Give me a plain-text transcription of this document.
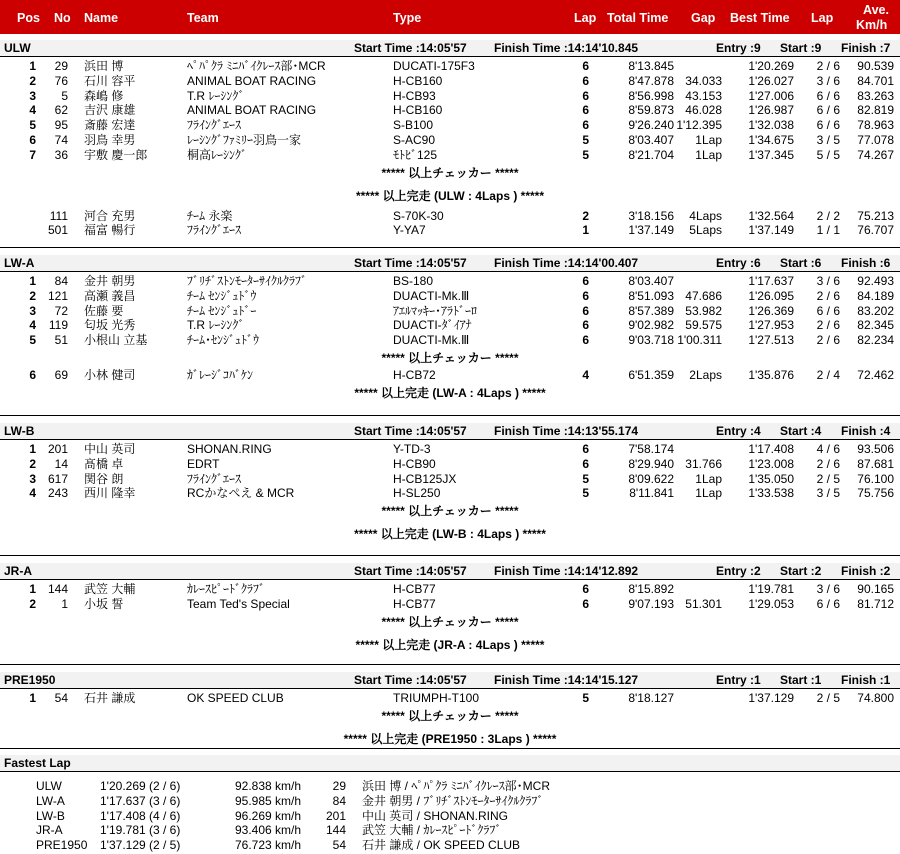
Pos No Name	Team	Type	Lap Total Time Gap Best Time Lap
Ave.
Km/h
ULW	Start Time :14:05'57 Finish Time :14:14'10.845	Entry :9 Start :9 Finish :7
1	29 浜田 博	ﾍﾟﾊﾟｸﾗ ﾐﾆﾊﾞｲｸﾚｰｽ部･MCR	DUCATI-175F3	6	8'13.845	1'20.269	2 / 6	90.539
2	76 石川 容平	ANIMAL BOAT RACING	H-CB160	6	8'47.878 34.033	1'26.027	3 / 6	84.701
3	5 森嶋 修	T.R ﾚｰｼﾝｸﾞ	H-CB93	6	8'56.998 43.153	1'27.006	6 / 6	83.263
4	62 吉沢 康雄	ANIMAL BOAT RACING	H-CB160	6	8'59.873 46.028	1'26.987	6 / 6	82.819
5	95 斎藤 宏達	ﾌﾗｲﾝｸﾞｴｰｽ	S-B100	6	9'26.240 1'12.395	1'32.038	6 / 6	78.963
6	74 羽鳥 幸男	ﾚｰｼﾝｸﾞﾌｧﾐﾘｰ羽鳥一家	S-AC90	5	8'03.407	1Lap	1'34.675	3 / 5	77.078
7	36 宇敷 慶一郎	桐高ﾚｰｼﾝｸﾞ	ﾓﾄﾋﾞ125	5	8'21.704	1Lap	1'37.345	5 / 5	74.267
***** 以上チェッカー *****
***** 以上完走 (ULW : 4Laps ) *****
111 河合 充男	ﾁｰﾑ 永楽	S-70K-30	2	3'18.156	4Laps	1'32.564	2 / 2	75.213
501 福富 暢行	ﾌﾗｲﾝｸﾞｴｰｽ	Y-YA7	1	1'37.149	5Laps	1'37.149	1 / 1	76.707
LW-A	Start Time :14:05'57 Finish Time :14:14'00.407	Entry :6 Start :6 Finish :6
1	84 金井 朝男	ﾌﾞﾘﾁﾞｽﾄﾝﾓｰﾀｰｻｲｸﾙｸﾗﾌﾞ	BS-180	6	8'03.407	1'17.637	3 / 6	92.493
2 121 高瀬 義昌	ﾁｰﾑ ｾﾝｼﾞｭﾄﾞｳ	DUACTI-Mk.Ⅲ	6	8'51.093 47.686	1'26.095	2 / 6	84.189
3	72 佐藤 要	ﾁｰﾑ ｾﾝｼﾞｭﾄﾞｰ	ｱｴﾙﾏｯｷｰ･ｱﾗﾄﾞｰﾛ	6	8'57.389 53.982	1'26.369	6 / 6	83.202
4	119 匂坂 光秀	T.R ﾚｰｼﾝｸﾞ	DUACTI-ﾀﾞｲｱﾅ	6	9'02.982 59.575	1'27.953	2 / 6	82.345
5	51 小根山 立基	ﾁｰﾑ･ｾﾝｼﾞｭﾄﾞｳ	DUACTI-Mk.Ⅲ	6	9'03.718 1'00.311	1'27.513	2 / 6	82.234
***** 以上チェッカー *****
6	69 小林 健司	ｶﾞﾚｰｼﾞｺﾊﾞｹﾝ	H-CB72	4	6'51.359	2Laps	1'35.876	2 / 4	72.462
***** 以上完走 (LW-A : 4Laps ) *****
LW-B	Start Time :14:05'57 Finish Time :14:13'55.174	Entry :4 Start :4 Finish :4
1 201 中山 英司	SHONAN.RING	Y-TD-3	6	7'58.174	1'17.408	4 / 6	93.506
2	14 髙橋 卓	EDRT	H-CB90	6	8'29.940 31.766	1'23.008	2 / 6	87.681
3 617 関谷 朗	ﾌﾗｲﾝｸﾞｴｰｽ	H-CB125JX	5	8'09.622	1Lap	1'35.050	2 / 5	76.100
4 243 西川 隆幸	RCかなぺえ & MCR	H-SL250	5	8'11.841	1Lap	1'33.538	3 / 5	75.756
***** 以上チェッカー *****
***** 以上完走 (LW-B : 4Laps ) *****
JR-A	Start Time :14:05'57 Finish Time :14:14'12.892	Entry :2 Start :2 Finish :2
1 144 武笠 大輔	ｶﾚｰｽﾋﾟｰﾄﾞｸﾗﾌﾞ	H-CB77	6	8'15.892	1'19.781	3 / 6	90.165
2	1 小坂 誓	Team Ted's Special	H-CB77	6	9'07.193 51.301	1'29.053	6 / 6	81.712
***** 以上チェッカー *****
***** 以上完走 (JR-A : 4Laps ) *****
PRE1950	Start Time :14:05'57 Finish Time :14:14'15.127	Entry :1 Start :1 Finish :1
1	54 石井 謙成	OK SPEED CLUB	TRIUMPH-T100	5	8'18.127	1'37.129	2 / 5	74.800
***** 以上チェッカー *****
***** 以上完走 (PRE1950 : 3Laps ) *****
Fastest Lap
ULW	1'20.269 (2 / 6)	92.838 km/h	29 浜田 博 / ﾍﾟﾊﾟｸﾗ ﾐﾆﾊﾞｲｸﾚｰｽ部･MCR
LW-A	1'17.637 (3 / 6)	95.985 km/h	84 金井 朝男 / ﾌﾞﾘﾁﾞｽﾄﾝﾓｰﾀｰｻｲｸﾙｸﾗﾌﾞ
LW-B	1'17.408 (4 / 6)	96.269 km/h	201 中山 英司 / SHONAN.RING
JR-A	1'19.781 (3 / 6)	93.406 km/h	144 武笠 大輔 / ｶﾚｰｽﾋﾟｰﾄﾞｸﾗﾌﾞ
PRE1950 1'37.129 (2 / 5)	76.723 km/h	54 石井 謙成 / OK SPEED CLUB
